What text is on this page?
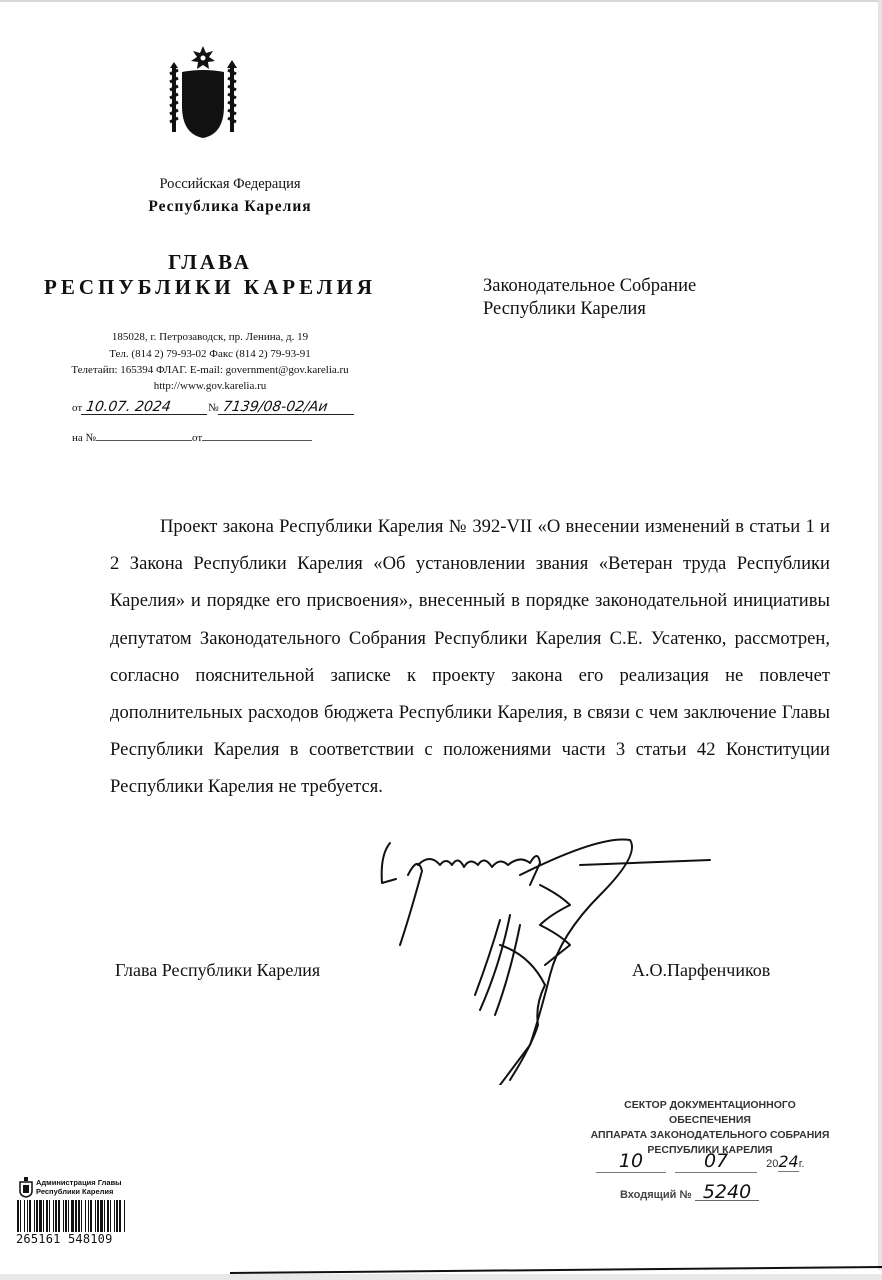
Российская Федерация
Республика Карелия
ГЛАВА
РЕСПУБЛИКИ КАРЕЛИЯ
185028, г. Петрозаводск, пр. Ленина, д. 19
Тел. (814 2) 79-93-02 Факс (814 2) 79-93-91
Телетайп: 165394 ФЛАГ. E-mail: government@gov.karelia.ru
http://www.gov.karelia.ru
от 10.07. 2024	№ 7139/08-02/Аи
на №	от
Законодательное Собрание
Республики Карелия
Проект закона Республики Карелия № 392-VII «О внесении изменений в статьи 1 и 2 Закона Республики Карелия «Об установлении звания «Ветеран труда Республики Карелия» и порядке его присвоения», внесенный в порядке законодательной инициативы депутатом Законодательного Собрания Республики Карелия С.Е. Усатенко, рассмотрен, согласно пояснительной записке к проекту закона его реализация не повлечет дополнительных расходов бюджета Республики Карелия, в связи с чем заключение Главы Республики Карелия в соответствии с положениями части 3 статьи 42 Конституции Республики Карелия не требуется.
Глава Республики Карелия	А.О.Парфенчиков
СЕКТОР ДОКУМЕНТАЦИОННОГО ОБЕСПЕЧЕНИЯ
АППАРАТА ЗАКОНОДАТЕЛЬНОГО СОБРАНИЯ
РЕСПУБЛИКИ КАРЕЛИЯ
10	07	2024г.
Входящий № 5240
Администрация Главы
Республики Карелия
265161 548109
